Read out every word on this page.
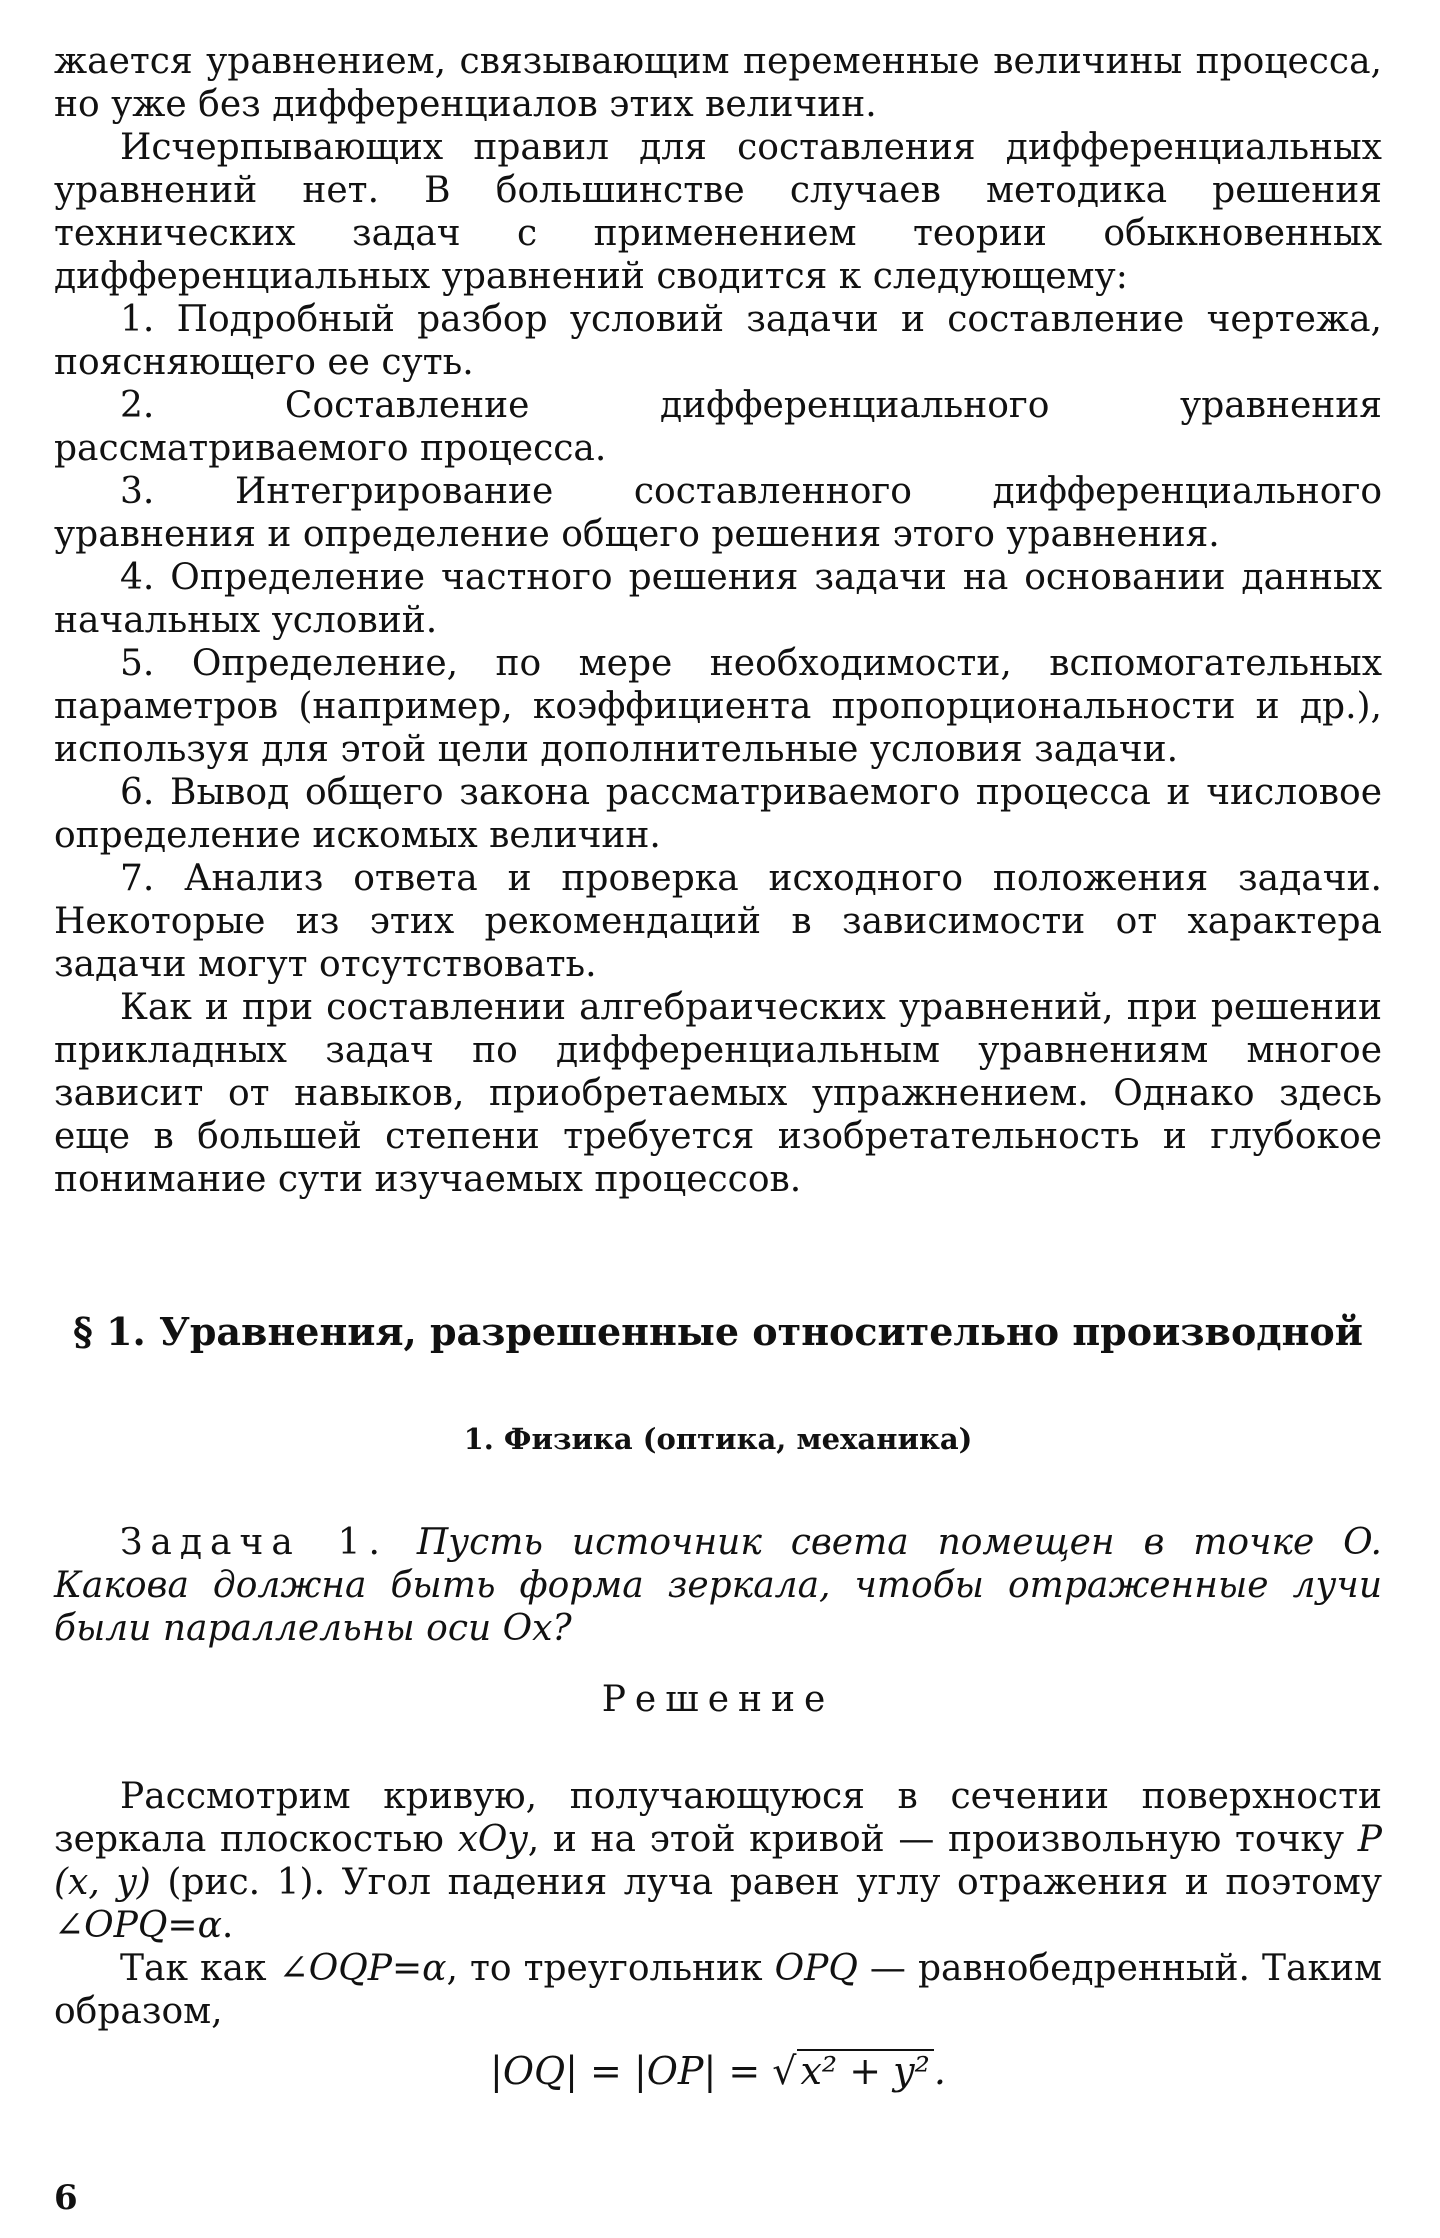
жается уравнением, связывающим переменные величины процесса, но уже без дифференциалов этих величин.

Исчерпывающих правил для составления дифференциальных уравнений нет. В большинстве случаев методика решения технических задач с применением теории обыкновенных дифференциальных уравнений сводится к следующему:

1. Подробный разбор условий задачи и составление чертежа, поясняющего ее суть.

2. Составление дифференциального уравнения рассматриваемого процесса.

3. Интегрирование составленного дифференциального уравнения и определение общего решения этого уравнения.

4. Определение частного решения задачи на основании данных начальных условий.

5. Определение, по мере необходимости, вспомогательных параметров (например, коэффициента пропорциональности и др.), используя для этой цели дополнительные условия задачи.

6. Вывод общего закона рассматриваемого процесса и числовое определение искомых величин.

7. Анализ ответа и проверка исходного положения задачи. Некоторые из этих рекомендаций в зависимости от характера задачи могут отсутствовать.

Как и при составлении алгебраических уравнений, при решении прикладных задач по дифференциальным уравнениям многое зависит от навыков, приобретаемых упражнением. Однако здесь еще в большей степени требуется изобретательность и глубокое понимание сути изучаемых процессов.

§ 1. Уравнения, разрешенные относительно производной
1. Физика (оптика, механика)

Задача 1. Пусть источник света помещен в точке O. Какова должна быть форма зеркала, чтобы отраженные лучи были параллельны оси Ox?

Решение

Рассмотрим кривую, получающуюся в сечении поверхности зеркала плоскостью xOy, и на этой кривой — произвольную точку P (x, y) (рис. 1). Угол падения луча равен углу отражения и поэтому ∠OPQ=α.

Так как ∠OQP=α, то треугольник OPQ — равнобедренный. Таким образом,

|OQ| = |OP| = √ x² + y² .
6
